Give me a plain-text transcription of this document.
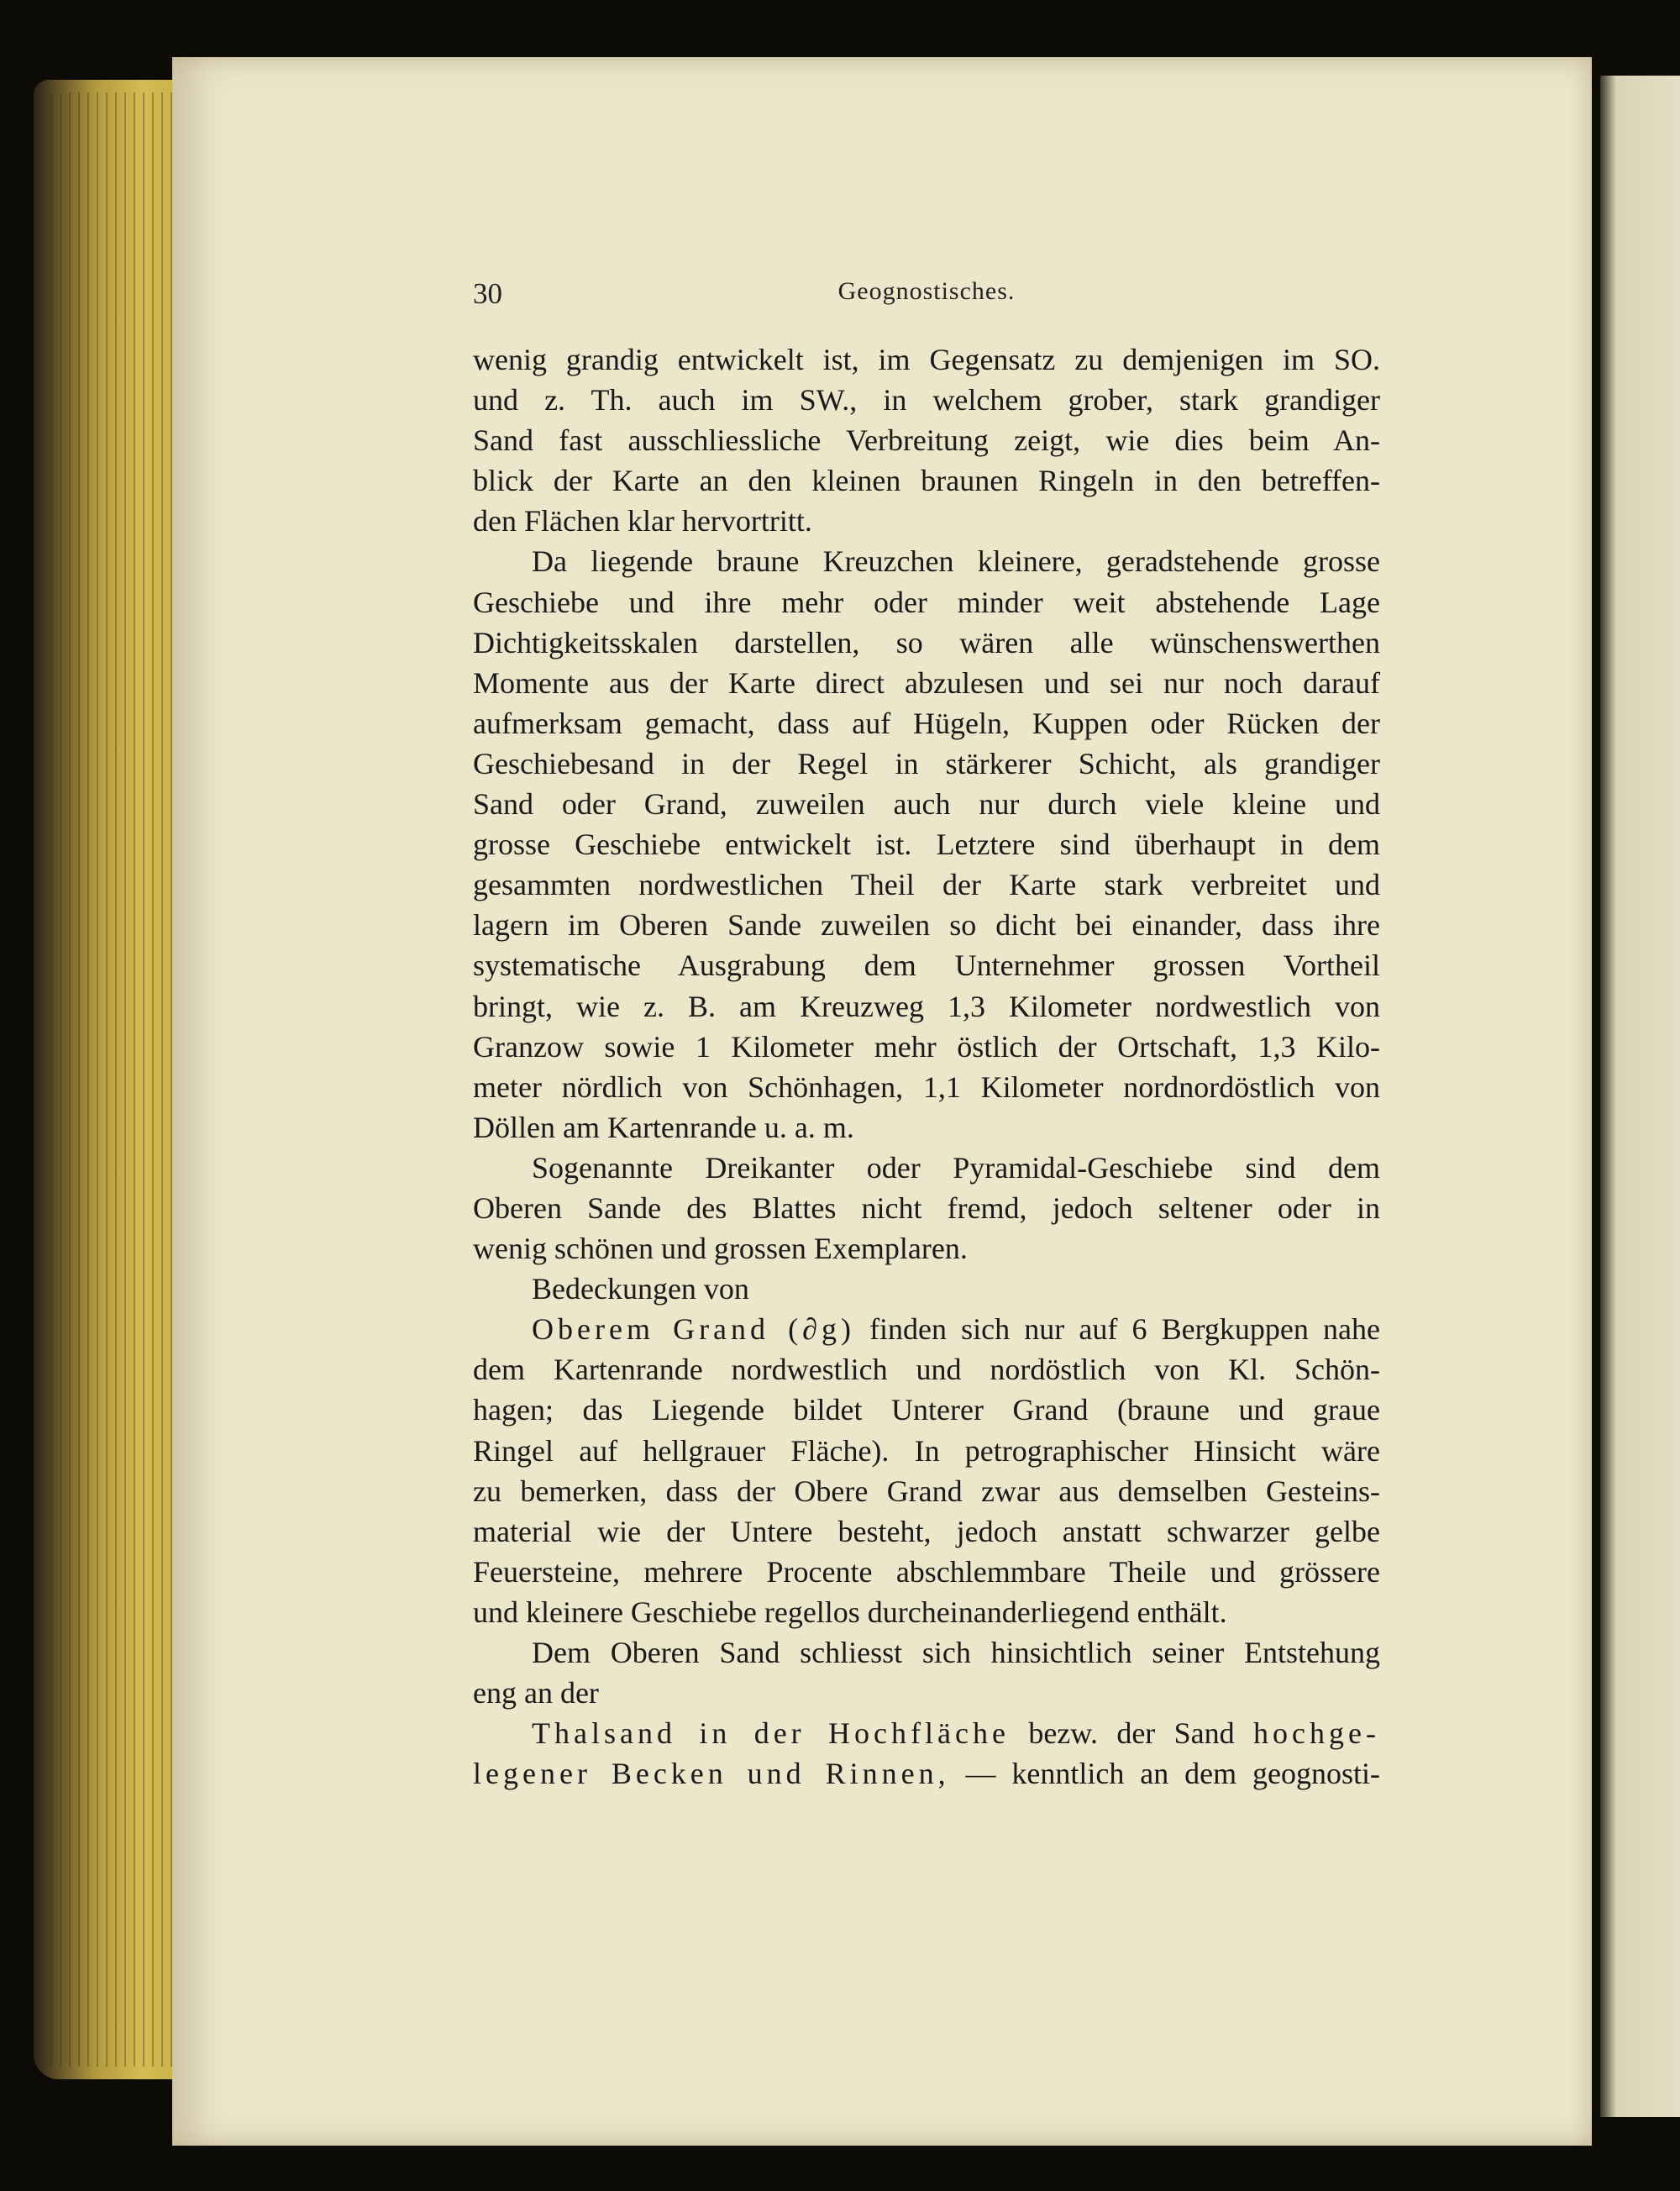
30	Geognostisches.
wenig grandig entwickelt ist, im Gegensatz zu demjenigen im SO.
und z. Th. auch im SW., in welchem grober, stark grandiger
Sand fast ausschliessliche Verbreitung zeigt, wie dies beim An-
blick der Karte an den kleinen braunen Ringeln in den betreffen-
den Flächen klar hervortritt.
Da liegende braune Kreuzchen kleinere, geradstehende grosse
Geschiebe und ihre mehr oder minder weit abstehende Lage
Dichtigkeitsskalen darstellen, so wären alle wünschenswerthen
Momente aus der Karte direct abzulesen und sei nur noch darauf
aufmerksam gemacht, dass auf Hügeln, Kuppen oder Rücken der
Geschiebesand in der Regel in stärkerer Schicht, als grandiger
Sand oder Grand, zuweilen auch nur durch viele kleine und
grosse Geschiebe entwickelt ist. Letztere sind überhaupt in dem
gesammten nordwestlichen Theil der Karte stark verbreitet und
lagern im Oberen Sande zuweilen so dicht bei einander, dass ihre
systematische Ausgrabung dem Unternehmer grossen Vortheil
bringt, wie z. B. am Kreuzweg 1,3 Kilometer nordwestlich von
Granzow sowie 1 Kilometer mehr östlich der Ortschaft, 1,3 Kilo-
meter nördlich von Schönhagen, 1,1 Kilometer nordnordöstlich von
Döllen am Kartenrande u. a. m.
Sogenannte Dreikanter oder Pyramidal-Geschiebe sind dem
Oberen Sande des Blattes nicht fremd, jedoch seltener oder in
wenig schönen und grossen Exemplaren.
Bedeckungen von
Oberem Grand (∂g) finden sich nur auf 6 Bergkuppen nahe
dem Kartenrande nordwestlich und nordöstlich von Kl. Schön-
hagen; das Liegende bildet Unterer Grand (braune und graue
Ringel auf hellgrauer Fläche). In petrographischer Hinsicht wäre
zu bemerken, dass der Obere Grand zwar aus demselben Gesteins-
material wie der Untere besteht, jedoch anstatt schwarzer gelbe
Feuersteine, mehrere Procente abschlemmbare Theile und grössere
und kleinere Geschiebe regellos durcheinanderliegend enthält.
Dem Oberen Sand schliesst sich hinsichtlich seiner Entstehung
eng an der
Thalsand in der Hochfläche bezw. der Sand hochge-
legener Becken und Rinnen, — kenntlich an dem geognosti-
